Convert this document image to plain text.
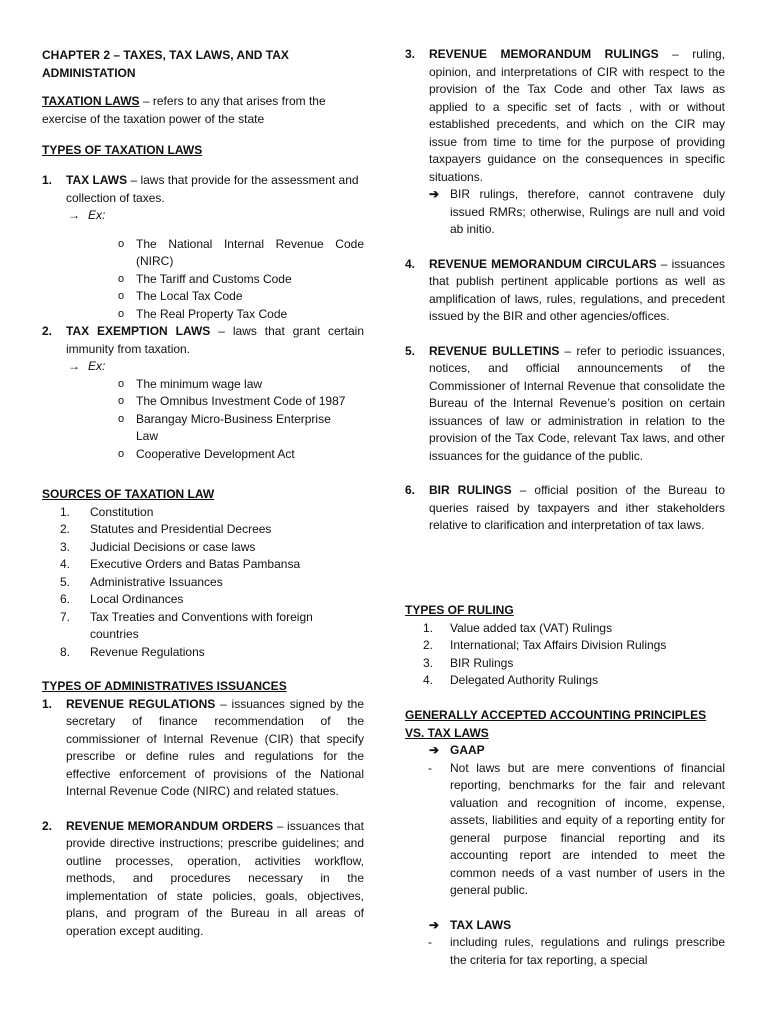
CHAPTER 2 – TAXES, TAX LAWS, AND TAX ADMINISTATION
TAXATION LAWS – refers to any that arises from the exercise of the taxation power of the state
TYPES OF TAXATION LAWS
1. TAX LAWS – laws that provide for the assessment and collection of taxes.
→ Ex:
o The National Internal Revenue Code (NIRC)
o The Tariff and Customs Code
o The Local Tax Code
o The Real Property Tax Code
2. TAX EXEMPTION LAWS – laws that grant certain immunity from taxation.
→ Ex:
o The minimum wage law
o The Omnibus Investment Code of 1987
o Barangay Micro-Business Enterprise Law
o Cooperative Development Act
SOURCES OF TAXATION LAW
1. Constitution
2. Statutes and Presidential Decrees
3. Judicial Decisions or case laws
4. Executive Orders and Batas Pambansa
5. Administrative Issuances
6. Local Ordinances
7. Tax Treaties and Conventions with foreign countries
8. Revenue Regulations
TYPES OF ADMINISTRATIVES ISSUANCES
1. REVENUE REGULATIONS – issuances signed by the secretary of finance recommendation of the commissioner of Internal Revenue (CIR) that specify prescribe or define rules and regulations for the effective enforcement of provisions of the National Internal Revenue Code (NIRC) and related statues.
2. REVENUE MEMORANDUM ORDERS – issuances that provide directive instructions; prescribe guidelines; and outline processes, operation, activities workflow, methods, and procedures necessary in the implementation of state policies, goals, objectives, plans, and program of the Bureau in all areas of operation except auditing.
3. REVENUE MEMORANDUM RULINGS – ruling, opinion, and interpretations of CIR with respect to the provision of the Tax Code and other Tax laws as applied to a specific set of facts , with or without established precedents, and which on the CIR may issue from time to time for the purpose of providing taxpayers guidance on the consequences in specific situations.
➔ BIR rulings, therefore, cannot contravene duly issued RMRs; otherwise, Rulings are null and void ab initio.
4. REVENUE MEMORANDUM CIRCULARS – issuances that publish pertinent applicable portions as well as amplification of laws, rules, regulations, and precedent issued by the BIR and other agencies/offices.
5. REVENUE BULLETINS – refer to periodic issuances, notices, and official announcements of the Commissioner of Internal Revenue that consolidate the Bureau of the Internal Revenue’s position on certain issuances of law or administration in relation to the provision of the Tax Code, relevant Tax laws, and other issuances for the guidance of the public.
6. BIR RULINGS – official position of the Bureau to queries raised by taxpayers and ither stakeholders relative to clarification and interpretation of tax laws.
TYPES OF RULING
1. Value added tax (VAT) Rulings
2. International; Tax Affairs Division Rulings
3. BIR Rulings
4. Delegated Authority Rulings
GENERALLY ACCEPTED ACCOUNTING PRINCIPLES VS. TAX LAWS
➔ GAAP
- Not laws but are mere conventions of financial reporting, benchmarks for the fair and relevant valuation and recognition of income, expense, assets, liabilities and equity of a reporting entity for general purpose financial reporting and its accounting report are intended to meet the common needs of a vast number of users in the general public.
➔ TAX LAWS
- including rules, regulations and rulings prescribe the criteria for tax reporting, a special
